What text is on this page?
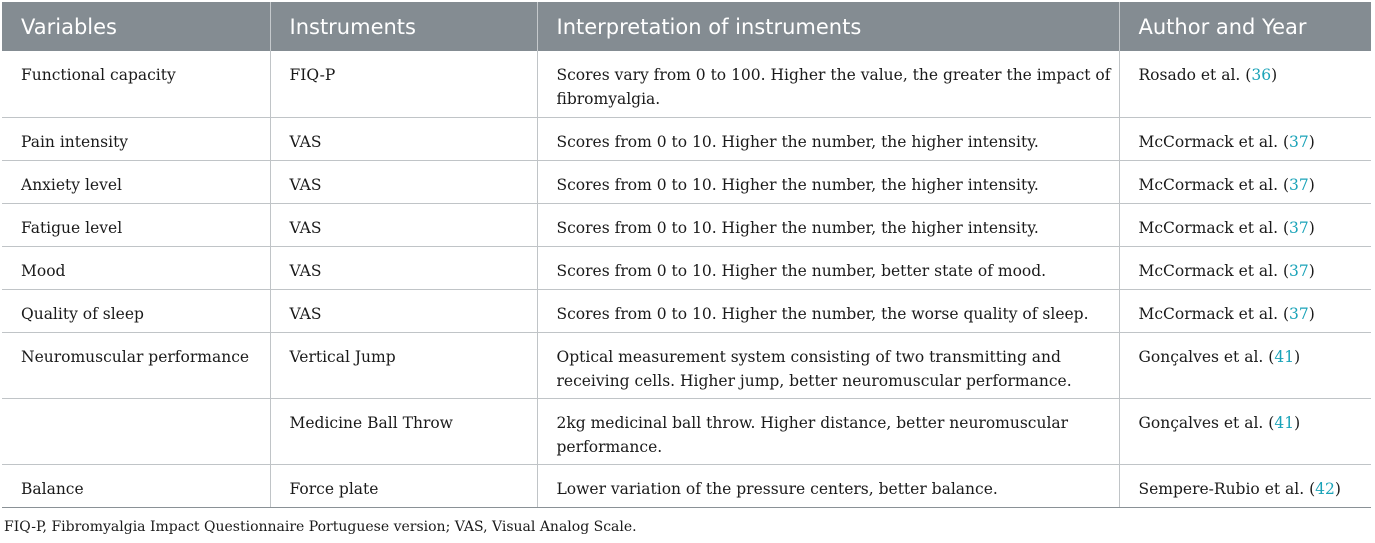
Variables	Instruments	Interpretation of instruments	Author and Year
Functional capacity	FIQ-P	Scores vary from 0 to 100. Higher the value, the greater the impact of fibromyalgia.	Rosado et al. (36)
Pain intensity	VAS	Scores from 0 to 10. Higher the number, the higher intensity.	McCormack et al. (37)
Anxiety level	VAS	Scores from 0 to 10. Higher the number, the higher intensity.	McCormack et al. (37)
Fatigue level	VAS	Scores from 0 to 10. Higher the number, the higher intensity.	McCormack et al. (37)
Mood	VAS	Scores from 0 to 10. Higher the number, better state of mood.	McCormack et al. (37)
Quality of sleep	VAS	Scores from 0 to 10. Higher the number, the worse quality of sleep.	McCormack et al. (37)
Neuromuscular performance	Vertical Jump	Optical measurement system consisting of two transmitting and receiving cells. Higher jump, better neuromuscular performance.	Gonçalves et al. (41)
	Medicine Ball Throw	2kg medicinal ball throw. Higher distance, better neuromuscular performance.	Gonçalves et al. (41)
Balance	Force plate	Lower variation of the pressure centers, better balance.	Sempere-Rubio et al. (42)
FIQ-P, Fibromyalgia Impact Questionnaire Portuguese version; VAS, Visual Analog Scale.
